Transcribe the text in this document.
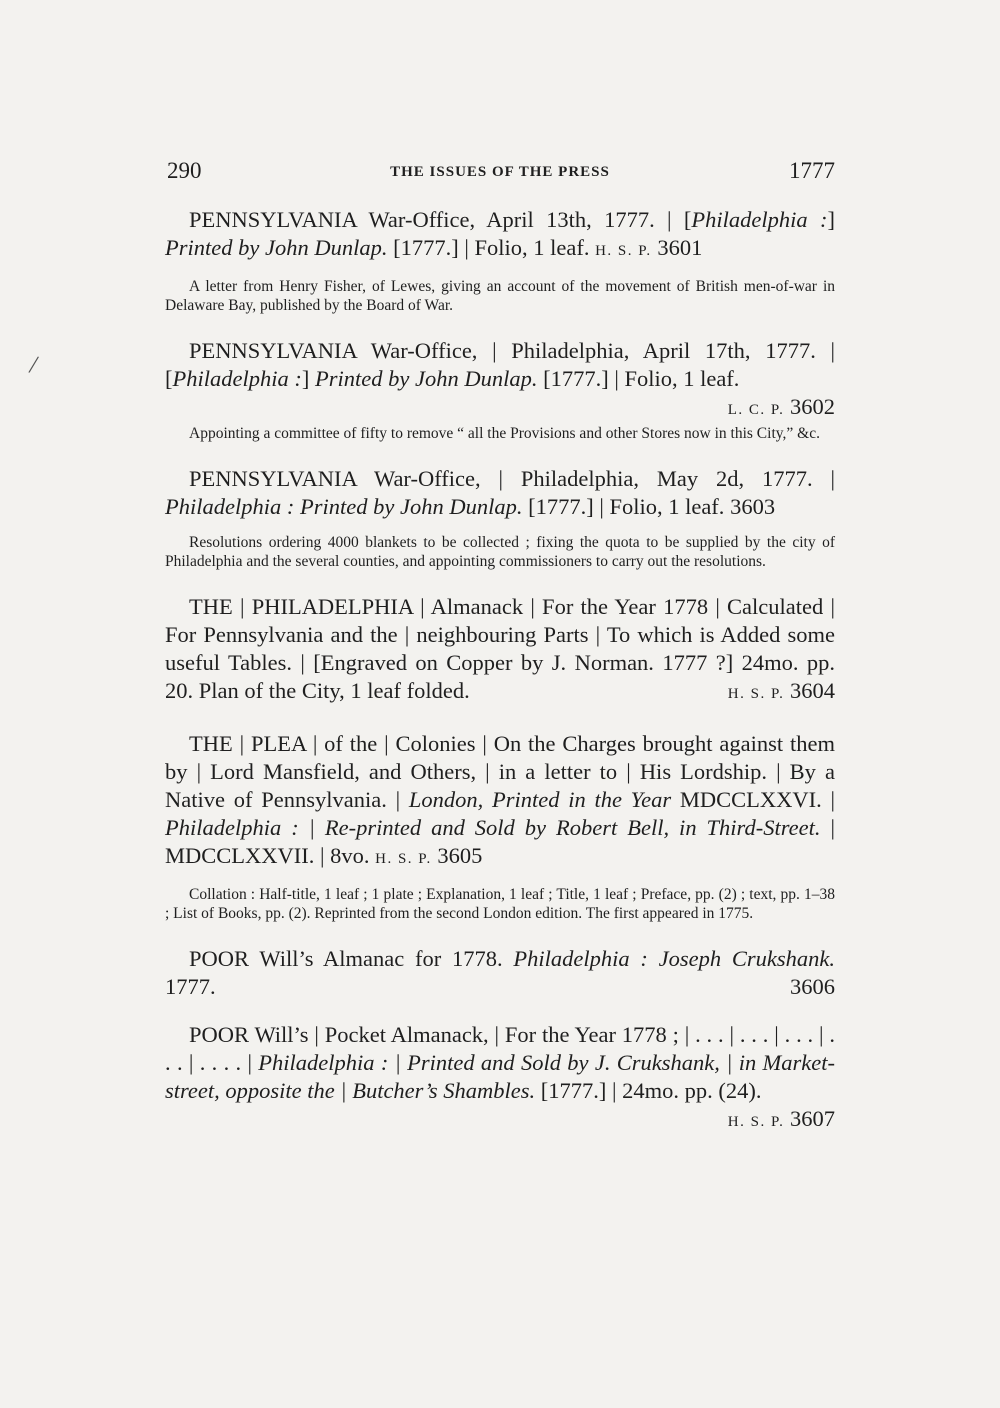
/
290	THE ISSUES OF THE PRESS	1777

PENNSYLVANIA War-Office, April 13th, 1777. | [Philadelphia :] Printed by John Dunlap. [1777.] | Folio, 1 leaf. H. S. P. 3601

A letter from Henry Fisher, of Lewes, giving an account of the movement of British men-of-war in Delaware Bay, published by the Board of War.

PENNSYLVANIA War-Office, | Philadelphia, April 17th, 1777. | [Philadelphia :] Printed by John Dunlap. [1777.] | Folio, 1 leaf.
L. C. P. 3602

Appointing a committee of fifty to remove “ all the Provisions and other Stores now in this City,” &c.

PENNSYLVANIA War-Office, | Philadelphia, May 2d, 1777. | Philadelphia : Printed by John Dunlap. [1777.] | Folio, 1 leaf. 3603

Resolutions ordering 4000 blankets to be collected ; fixing the quota to be supplied by the city of Philadelphia and the several counties, and appointing commissioners to carry out the resolutions.

THE | PHILADELPHIA | Almanack | For the Year 1778 | Calculated | For Pennsylvania and the | neighbouring Parts | To which is Added some useful Tables. | [Engraved on Copper by J. Norman. 1777 ?] 24mo. pp. 20. Plan of the City, 1 leaf folded.	H. S. P. 3604

THE | PLEA | of the | Colonies | On the Charges brought against them by | Lord Mansfield, and Others, | in a letter to | His Lordship. | By a Native of Pennsylvania. | London, Printed in the Year MDCCLXXVI. | Philadelphia : | Re-printed and Sold by Robert Bell, in Third-Street. | MDCCLXXVII. | 8vo. H. S. P. 3605

Collation : Half-title, 1 leaf ; 1 plate ; Explanation, 1 leaf ; Title, 1 leaf ; Preface, pp. (2) ; text, pp. 1–38 ; List of Books, pp. (2). Reprinted from the second London edition. The first appeared in 1775.

POOR Will’s Almanac for 1778. Philadelphia : Joseph Crukshank. 1777.	3606

POOR Will’s | Pocket Almanack, | For the Year 1778 ; | . . . | . . . | . . . | . . . | . . . . | Philadelphia : | Printed and Sold by J. Crukshank, | in Market-street, opposite the | Butcher’s Shambles. [1777.] | 24mo. pp. (24).
H. S. P. 3607
